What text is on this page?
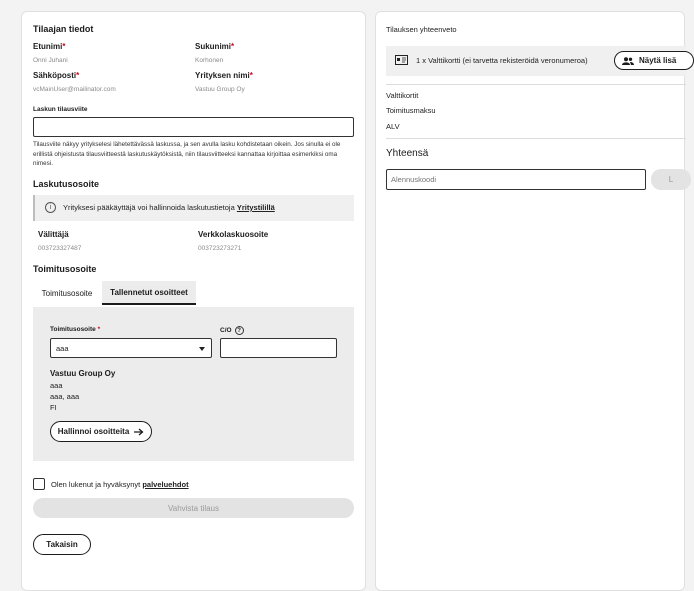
Tilaajan tiedot
Etunimi*
Onni Juhani
Sukunimi*
Korhonen
Sähköposti*
vcMainUser@mailinator.com
Yrityksen nimi*
Vastuu Group Oy
Laskun tilausviite
Tilausviite näkyy yritykselesi lähetettävässä laskussa, ja sen avulla lasku kohdistetaan oikein. Jos sinulla ei ole erillistä ohjeistusta tilausviitteestä laskutuskäytöksistä, niin tilausviitteeksi kannattaa kirjoittaa esimerkiksi oma nimesi.
Laskutusosoite
i	Yrityksesi pääkäyttäjä voi hallinnoida laskutustietoja Yritystilillä
Välittäjä
003723327487
Verkkolaskuosoite
003723273271
Toimitusosoite
Toimitusosoite	Tallennetut osoitteet
Toimitusosoite *
aaa
C/O ?
Vastuu Group Oy
aaa
aaa, aaa
FI
Hallinnoi osoitteita
Olen lukenut ja hyväksynyt palveluehdot
Vahvista tilaus
Takaisin
Tilauksen yhteenveto
1 x Valttikortti (ei tarvetta rekisteröidä veronumeroa)	Näytä lisä
Valttikortit
Toimitusmaksu
ALV
Yhteensä
Alennuskoodi
L
